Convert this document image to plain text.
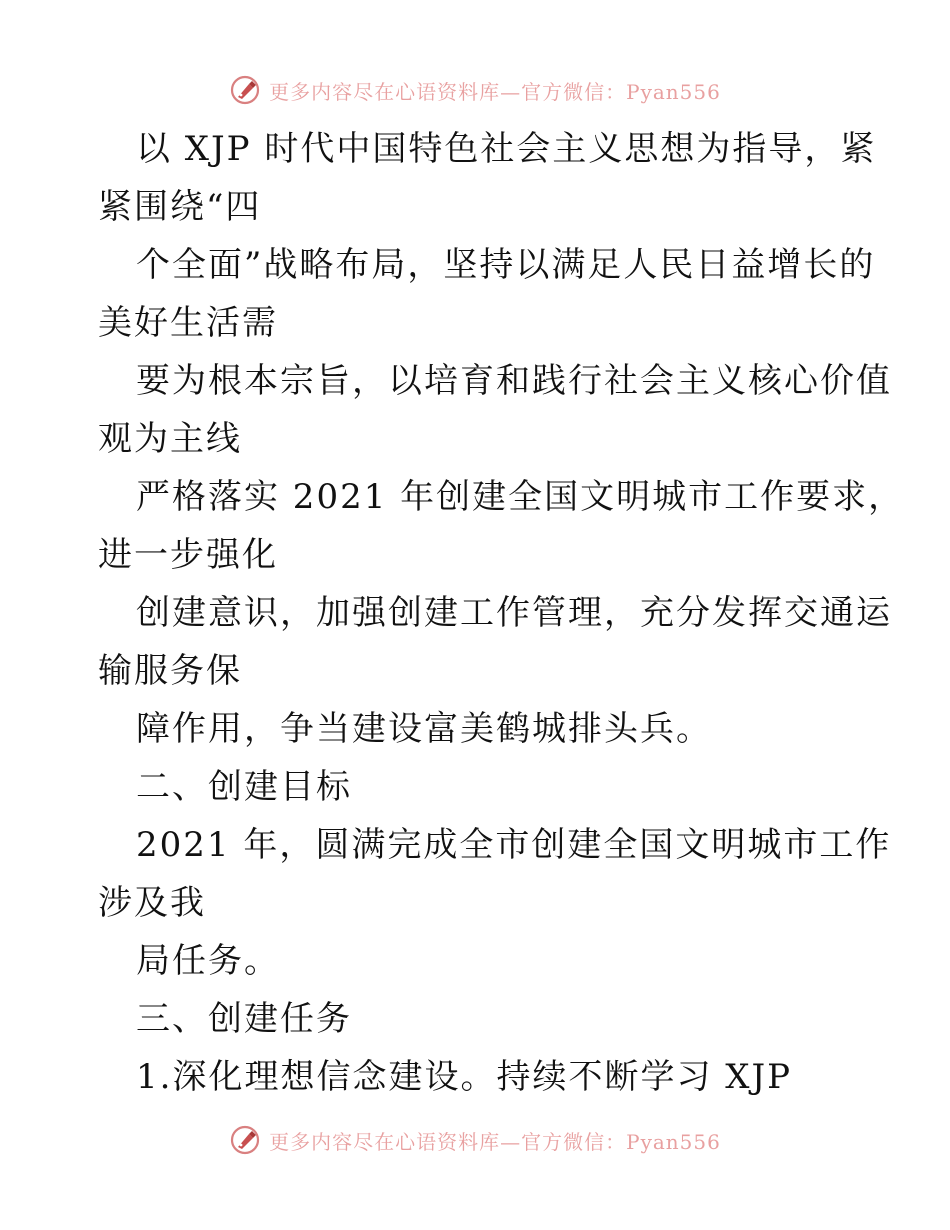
更多内容尽在心语资料库—官方微信：Pyan556
以 XJP 时代中国特色社会主义思想为指导，紧
紧围绕“四
个全面”战略布局，坚持以满足人民日益增长的
美好生活需
要为根本宗旨，以培育和践行社会主义核心价值
观为主线
严格落实 2021 年创建全国文明城市工作要求，
进一步强化
创建意识，加强创建工作管理，充分发挥交通运
输服务保
障作用，争当建设富美鹤城排头兵。
二、创建目标
2021 年，圆满完成全市创建全国文明城市工作
涉及我
局任务。
三、创建任务
1.深化理想信念建设。持续不断学习 XJP
更多内容尽在心语资料库—官方微信：Pyan556
